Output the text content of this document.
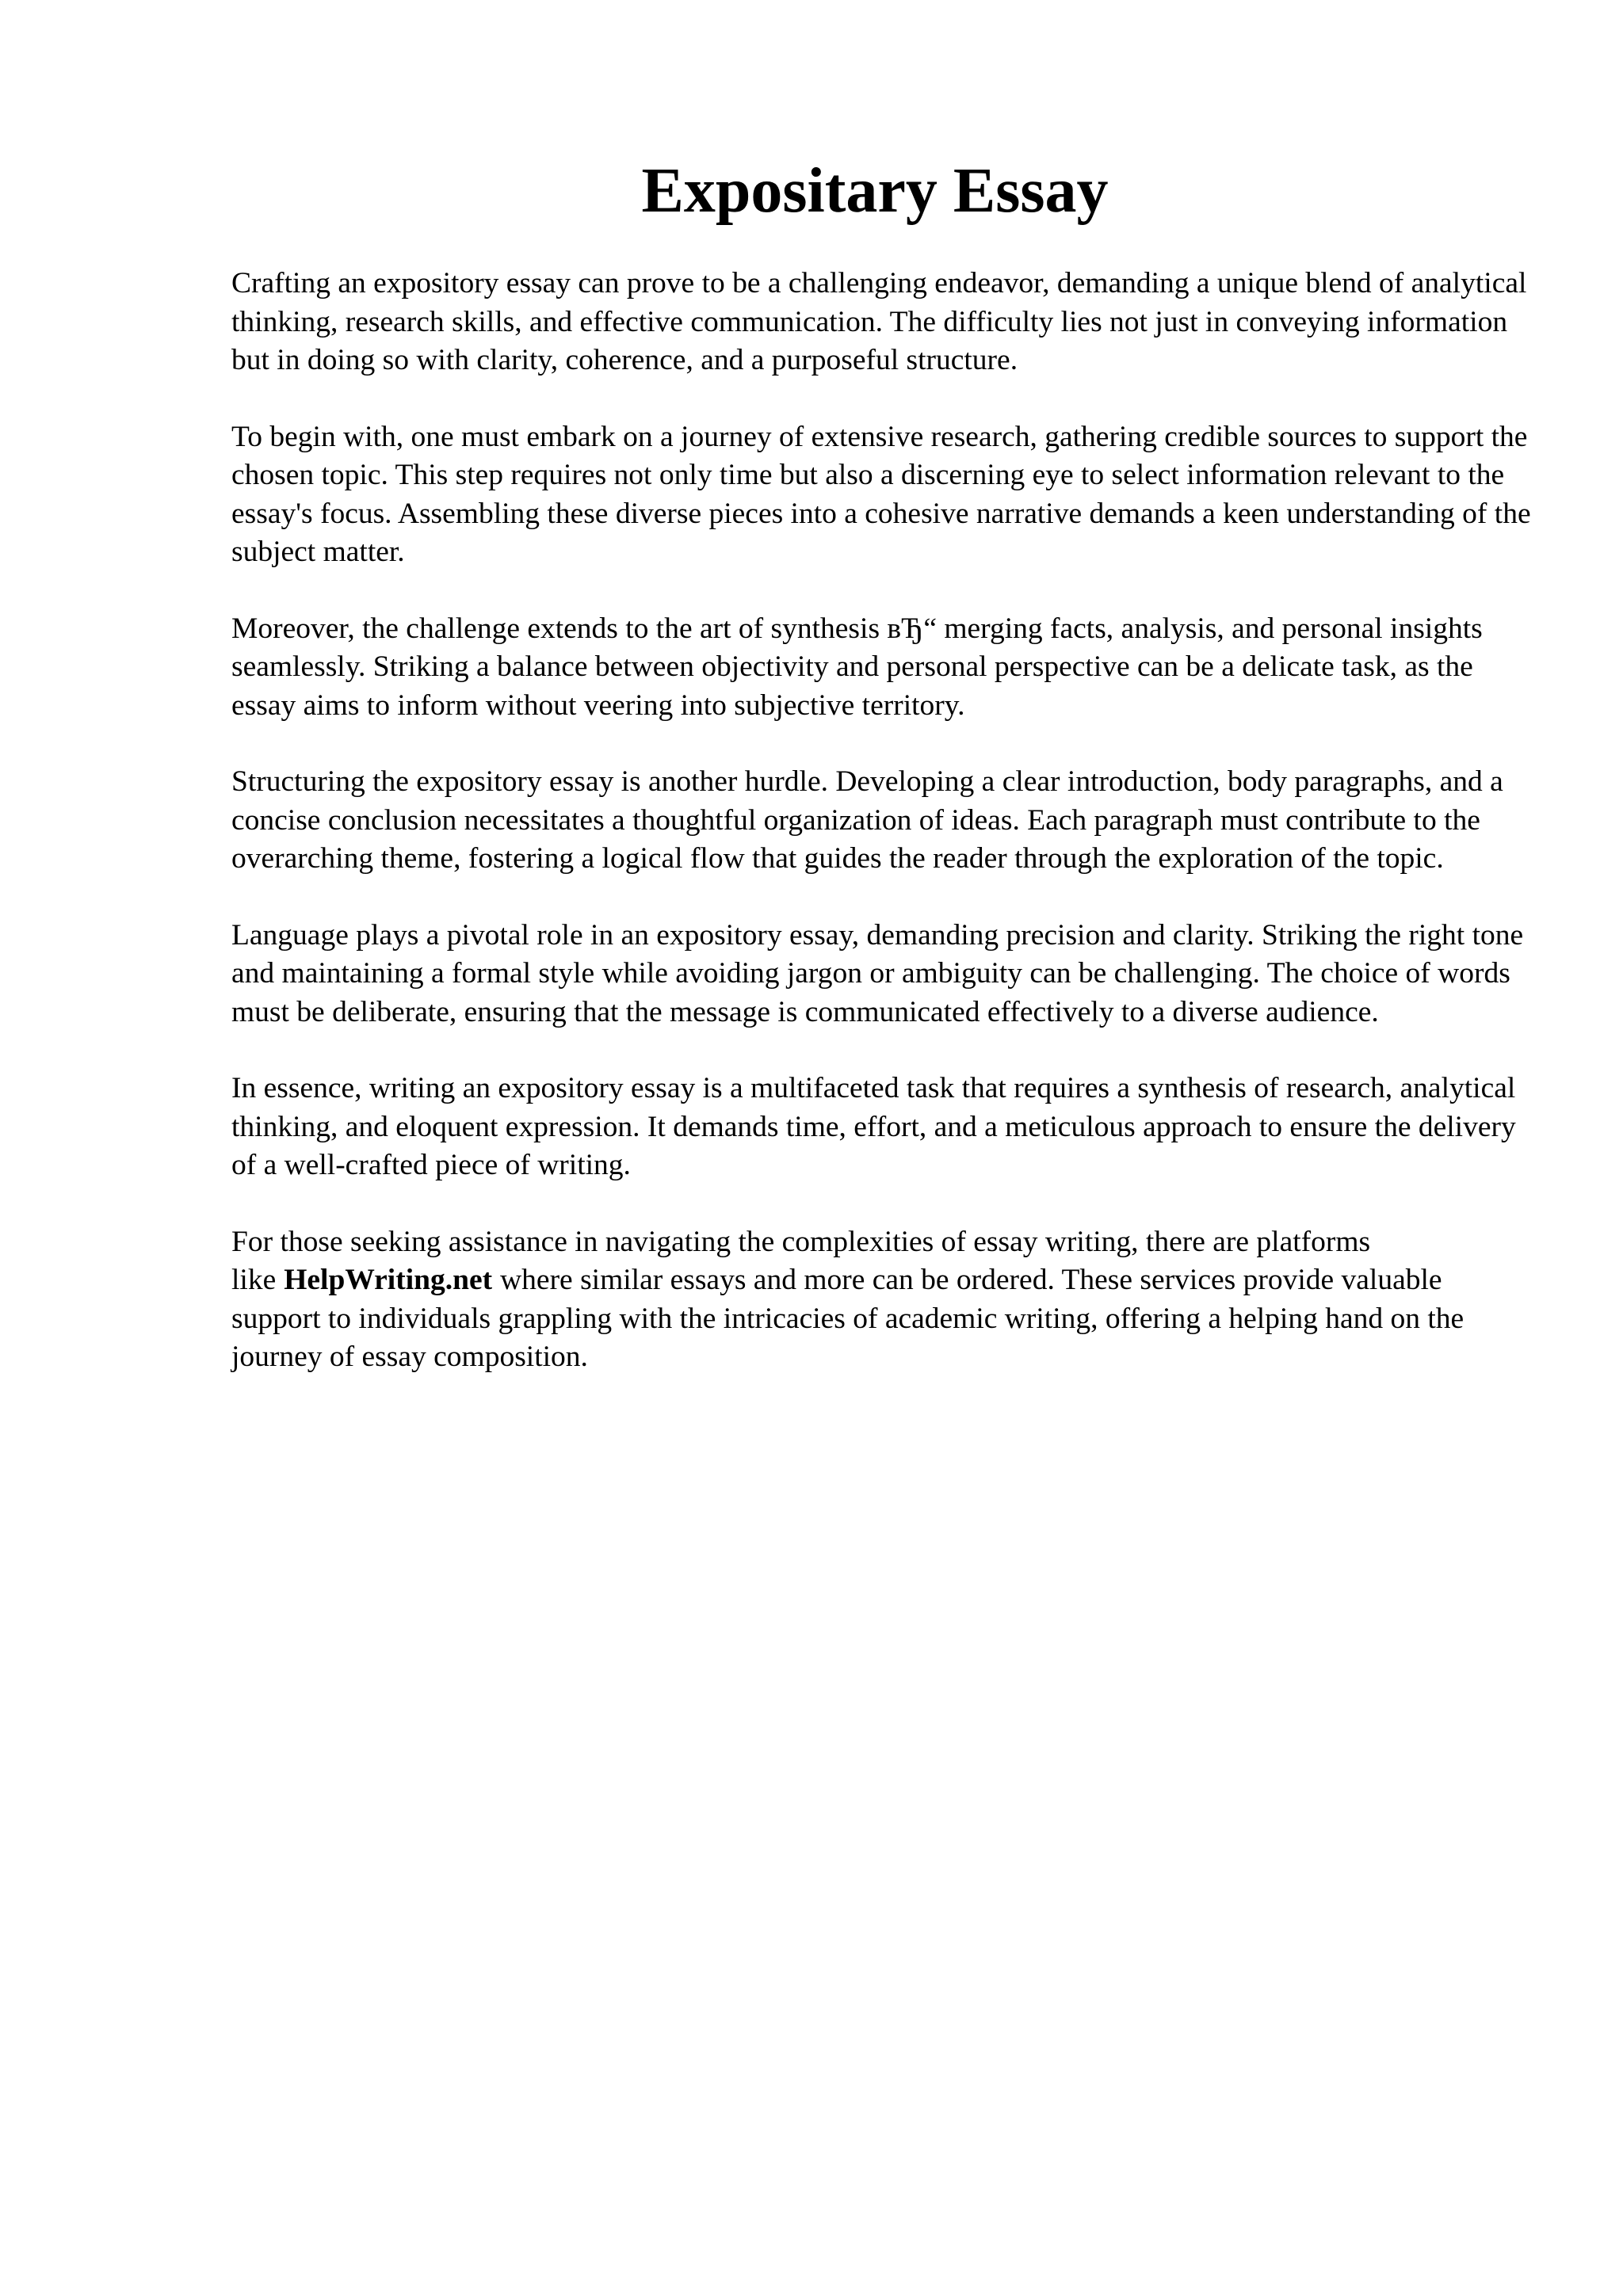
Expositary Essay

Crafting an expository essay can prove to be a challenging endeavor, demanding a unique blend of analytical thinking, research skills, and effective communication. The difficulty lies not just in conveying information but in doing so with clarity, coherence, and a purposeful structure.

To begin with, one must embark on a journey of extensive research, gathering credible sources to support the chosen topic. This step requires not only time but also a discerning eye to select information relevant to the essay's focus. Assembling these diverse pieces into a cohesive narrative demands a keen understanding of the subject matter.

Moreover, the challenge extends to the art of synthesis вЂ“ merging facts, analysis, and personal insights seamlessly. Striking a balance between objectivity and personal perspective can be a delicate task, as the essay aims to inform without veering into subjective territory.

Structuring the expository essay is another hurdle. Developing a clear introduction, body paragraphs, and a concise conclusion necessitates a thoughtful organization of ideas. Each paragraph must contribute to the overarching theme, fostering a logical flow that guides the reader through the exploration of the topic.

Language plays a pivotal role in an expository essay, demanding precision and clarity. Striking the right tone and maintaining a formal style while avoiding jargon or ambiguity can be challenging. The choice of words must be deliberate, ensuring that the message is communicated effectively to a diverse audience.

In essence, writing an expository essay is a multifaceted task that requires a synthesis of research, analytical thinking, and eloquent expression. It demands time, effort, and a meticulous approach to ensure the delivery of a well-crafted piece of writing.

For those seeking assistance in navigating the complexities of essay writing, there are platforms like HelpWriting.net where similar essays and more can be ordered. These services provide valuable support to individuals grappling with the intricacies of academic writing, offering a helping hand on the journey of essay composition.
